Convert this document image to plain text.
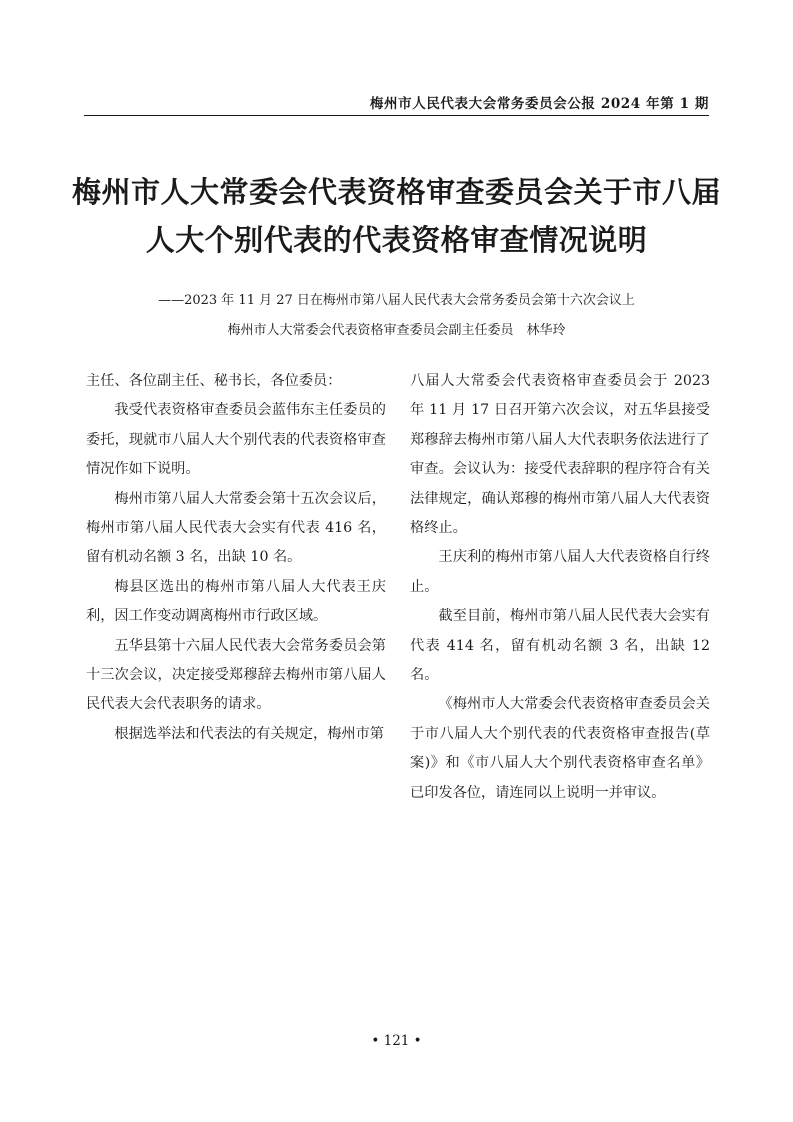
梅州市人民代表大会常务委员会公报 2024 年第 1 期
梅州市人大常委会代表资格审查委员会关于市八届
人大个别代表的代表资格审查情况说明
——2023 年 11 月 27 日在梅州市第八届人民代表大会常务委员会第十六次会议上
梅州市人大常委会代表资格审查委员会副主任委员　林华玲

主任、各位副主任、秘书长，各位委员：

我受代表资格审查委员会蓝伟东主任委员的委托，现就市八届人大个别代表的代表资格审查情况作如下说明。

梅州市第八届人大常委会第十五次会议后，梅州市第八届人民代表大会实有代表 416 名，留有机动名额 3 名，出缺 10 名。

梅县区选出的梅州市第八届人大代表王庆利，因工作变动调离梅州市行政区域。

五华县第十六届人民代表大会常务委员会第十三次会议，决定接受郑穆辞去梅州市第八届人民代表大会代表职务的请求。

根据选举法和代表法的有关规定，梅州市第

八届人大常委会代表资格审查委员会于 2023 年 11 月 17 日召开第六次会议，对五华县接受郑穆辞去梅州市第八届人大代表职务依法进行了审查。会议认为：接受代表辞职的程序符合有关法律规定，确认郑穆的梅州市第八届人大代表资格终止。

王庆利的梅州市第八届人大代表资格自行终止。

截至目前，梅州市第八届人民代表大会实有代表 414 名，留有机动名额 3 名，出缺 12 名。

《梅州市人大常委会代表资格审查委员会关于市八届人大个别代表的代表资格审查报告(草案)》和《市八届人大个别代表资格审查名单》已印发各位，请连同以上说明一并审议。

• 121 •
